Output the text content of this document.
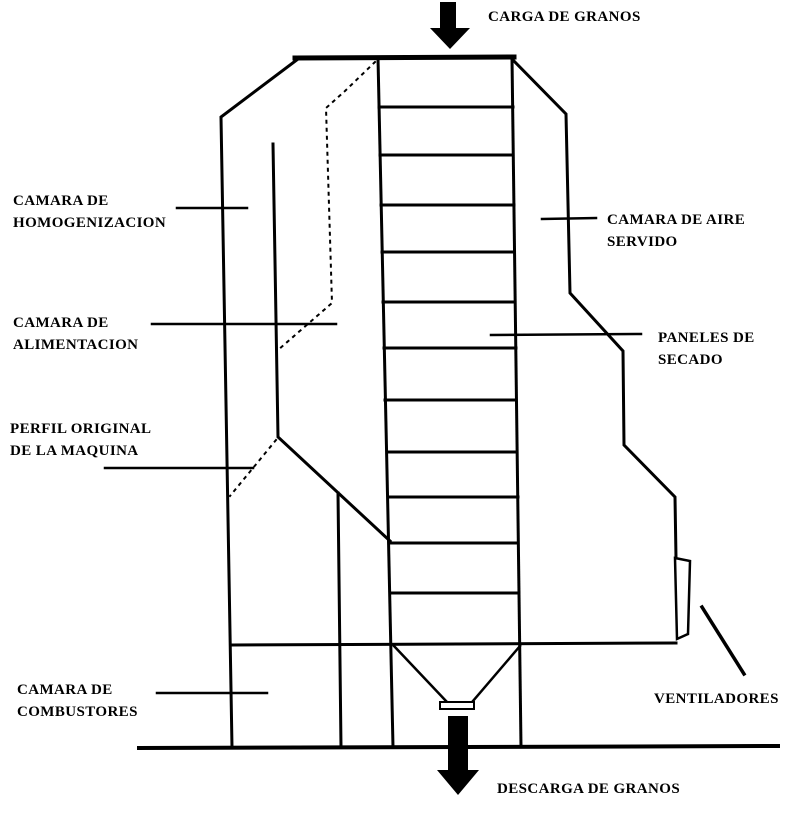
CARGA DE GRANOS
CAMARA DE
HOMOGENIZACION
CAMARA DE
ALIMENTACION
PERFIL ORIGINAL
DE LA MAQUINA
CAMARA DE
COMBUSTORES
CAMARA DE AIRE
SERVIDO
PANELES DE
SECADO
VENTILADORES
DESCARGA DE GRANOS
